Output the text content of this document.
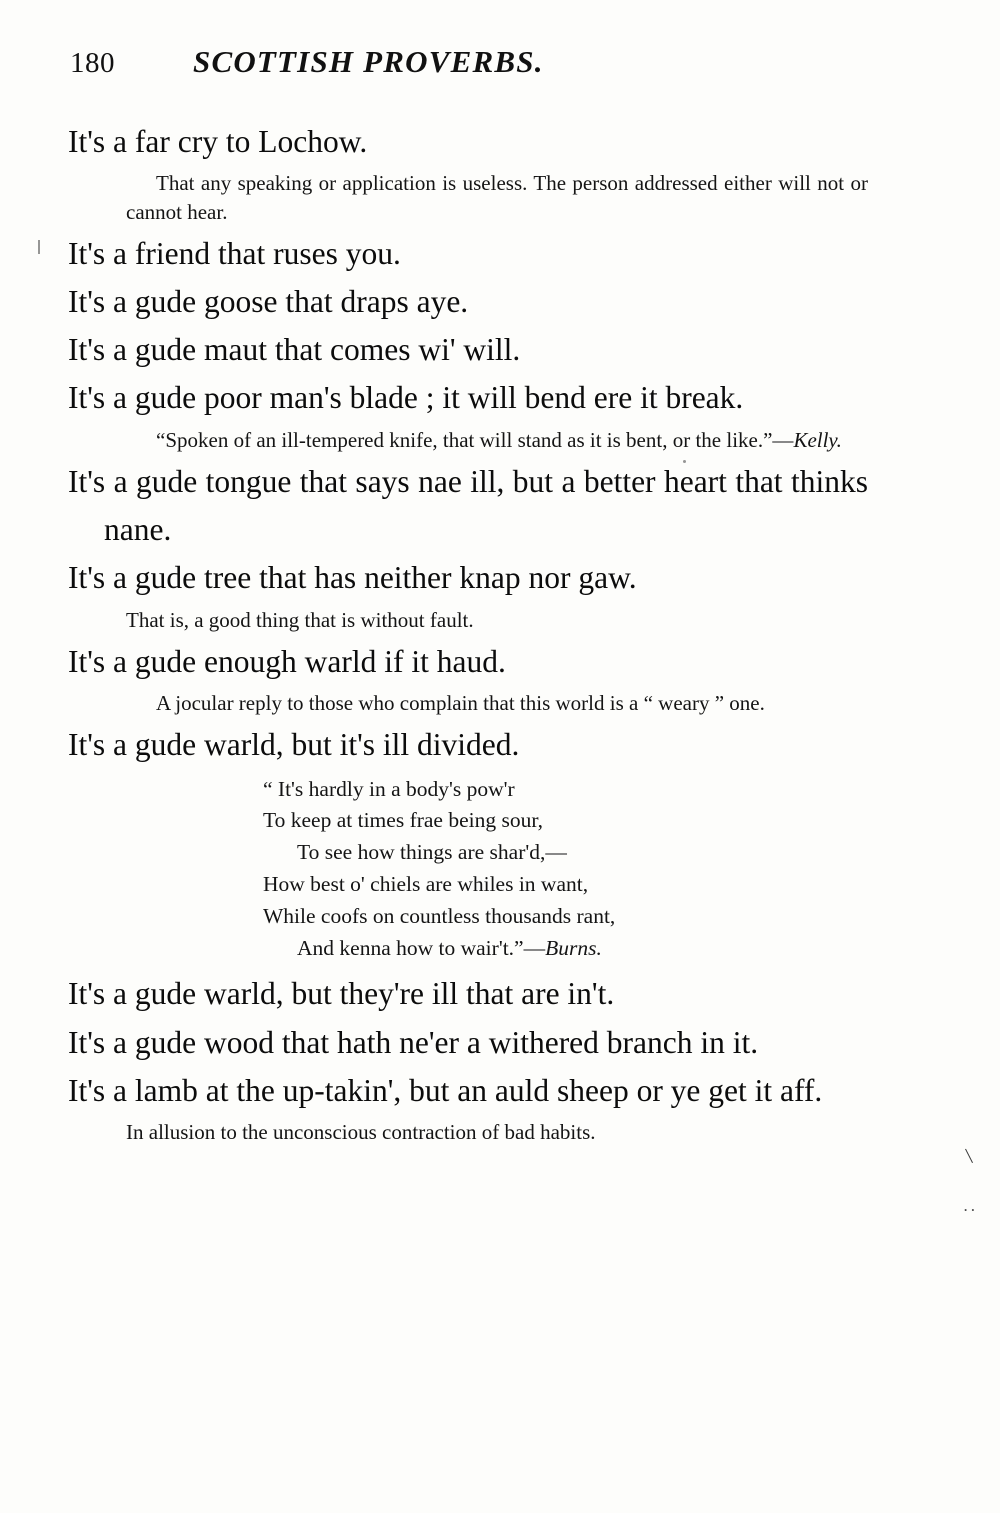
180	SCOTTISH PROVERBS.

It's a far cry to Lochow.

That any speaking or application is useless. The person addressed either will not or cannot hear.

It's a friend that ruses you.

It's a gude goose that draps aye.

It's a gude maut that comes wi' will.

It's a gude poor man's blade ; it will bend ere it break.

“Spoken of an ill-tempered knife, that will stand as it is bent, or the like.”—Kelly.

It's a gude tongue that says nae ill, but a better heart that thinks nane.

It's a gude tree that has neither knap nor gaw.

That is, a good thing that is without fault.

It's a gude enough warld if it haud.

A jocular reply to those who complain that this world is a “ weary ” one.

It's a gude warld, but it's ill divided.

“ It's hardly in a body's pow'r
To keep at times frae being sour,
To see how things are shar'd,—
How best o' chiels are whiles in want,
While coofs on countless thousands rant,
And kenna how to wair't.”—Burns.

It's a gude warld, but they're ill that are in't.

It's a gude wood that hath ne'er a withered branch in it.

It's a lamb at the up-takin', but an auld sheep or ye get it aff.

In allusion to the unconscious contraction of bad habits.

\
..
